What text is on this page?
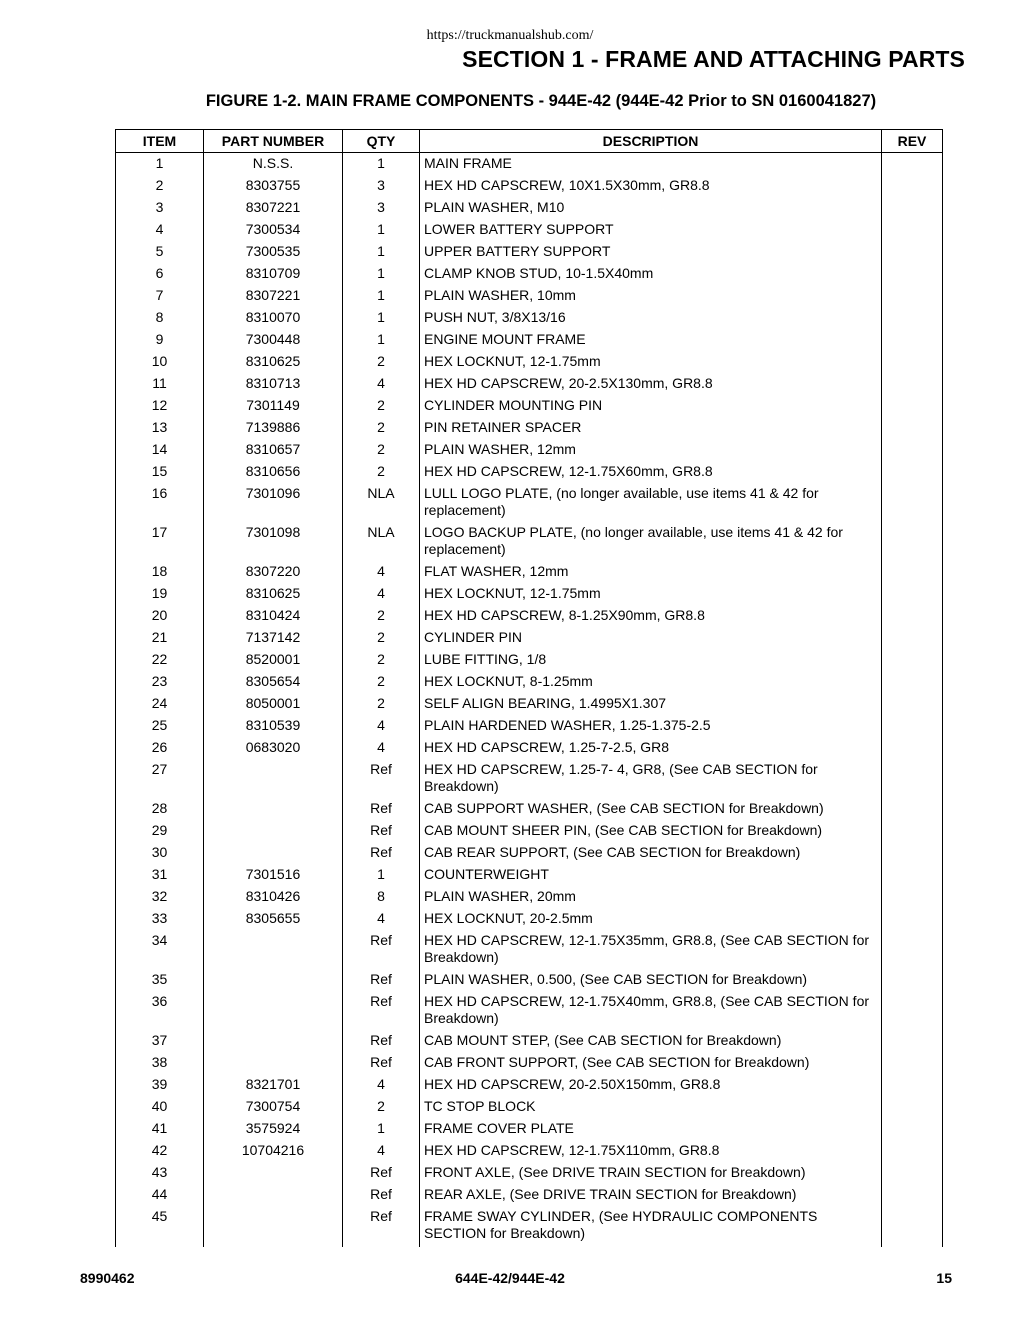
https://truckmanualshub.com/
SECTION 1 - FRAME AND ATTACHING PARTS
FIGURE 1-2. MAIN FRAME COMPONENTS - 944E-42 (944E-42 Prior to SN 0160041827)
ITEM	PART NUMBER	QTY	DESCRIPTION	REV
1	N.S.S.	1	MAIN FRAME	
2	8303755	3	HEX HD CAPSCREW, 10X1.5X30mm, GR8.8	
3	8307221	3	PLAIN WASHER, M10	
4	7300534	1	LOWER BATTERY SUPPORT	
5	7300535	1	UPPER BATTERY SUPPORT	
6	8310709	1	CLAMP KNOB STUD, 10-1.5X40mm	
7	8307221	1	PLAIN WASHER, 10mm	
8	8310070	1	PUSH NUT, 3/8X13/16	
9	7300448	1	ENGINE MOUNT FRAME	
10	8310625	2	HEX LOCKNUT, 12-1.75mm	
11	8310713	4	HEX HD CAPSCREW, 20-2.5X130mm, GR8.8	
12	7301149	2	CYLINDER MOUNTING PIN	
13	7139886	2	PIN RETAINER SPACER	
14	8310657	2	PLAIN WASHER, 12mm	
15	8310656	2	HEX HD CAPSCREW, 12-1.75X60mm, GR8.8	
16	7301096	NLA	LULL LOGO PLATE, (no longer available, use items 41 & 42 for replacement)	
17	7301098	NLA	LOGO BACKUP PLATE, (no longer available, use items 41 & 42 for replacement)	
18	8307220	4	FLAT WASHER, 12mm	
19	8310625	4	HEX LOCKNUT, 12-1.75mm	
20	8310424	2	HEX HD CAPSCREW, 8-1.25X90mm, GR8.8	
21	7137142	2	CYLINDER PIN	
22	8520001	2	LUBE FITTING, 1/8	
23	8305654	2	HEX LOCKNUT, 8-1.25mm	
24	8050001	2	SELF ALIGN BEARING, 1.4995X1.307	
25	8310539	4	PLAIN HARDENED WASHER, 1.25-1.375-2.5	
26	0683020	4	HEX HD CAPSCREW, 1.25-7-2.5, GR8	
27		Ref	HEX HD CAPSCREW, 1.25-7- 4, GR8, (See CAB SECTION for Breakdown)	
28		Ref	CAB SUPPORT WASHER, (See CAB SECTION for Breakdown)	
29		Ref	CAB MOUNT SHEER PIN, (See CAB SECTION for Breakdown)	
30		Ref	CAB REAR SUPPORT, (See CAB SECTION for Breakdown)	
31	7301516	1	COUNTERWEIGHT	
32	8310426	8	PLAIN WASHER, 20mm	
33	8305655	4	HEX LOCKNUT, 20-2.5mm	
34		Ref	HEX HD CAPSCREW, 12-1.75X35mm, GR8.8, (See CAB SECTION for Breakdown)	
35		Ref	PLAIN WASHER, 0.500, (See CAB SECTION for Breakdown)	
36		Ref	HEX HD CAPSCREW, 12-1.75X40mm, GR8.8, (See CAB SECTION for Breakdown)	
37		Ref	CAB MOUNT STEP, (See CAB SECTION for Breakdown)	
38		Ref	CAB FRONT SUPPORT, (See CAB SECTION for Breakdown)	
39	8321701	4	HEX HD CAPSCREW, 20-2.50X150mm, GR8.8	
40	7300754	2	TC STOP BLOCK	
41	3575924	1	FRAME COVER PLATE	
42	10704216	4	HEX HD CAPSCREW, 12-1.75X110mm, GR8.8	
43		Ref	FRONT AXLE, (See DRIVE TRAIN SECTION for Breakdown)	
44		Ref	REAR AXLE, (See DRIVE TRAIN SECTION for Breakdown)	
45		Ref	FRAME SWAY CYLINDER, (See HYDRAULIC COMPONENTS SECTION for Breakdown)	
8990462	644E-42/944E-42	15
